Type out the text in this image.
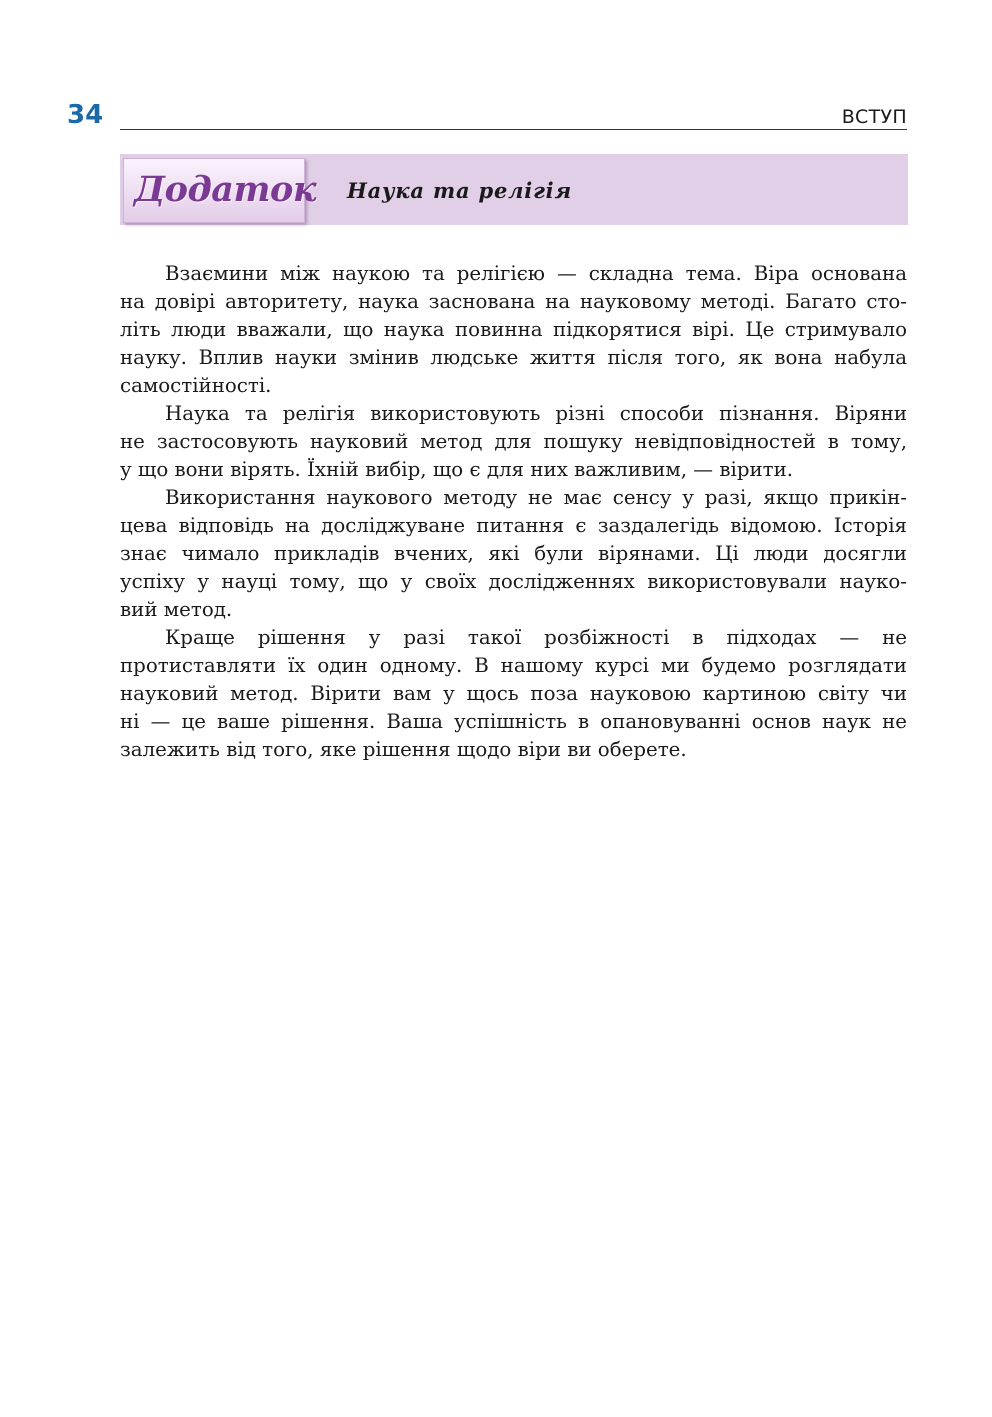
34	ВСТУП
Додаток Наука та релігія

Взаємини між наукою та релігією — складна тема. Віра основана
на довірі авторитету, наука заснована на науковому методі. Багато сто-
літь люди вважали, що наука повинна підкорятися вірі. Це стримувало
науку. Вплив науки змінив людське життя після того, як вона набула
самостійності.

Наука та релігія використовують різні способи пізнання. Віряни
не застосовують науковий метод для пошуку невідповідностей в тому,
у що вони вірять. Їхній вибір, що є для них важливим, — вірити.

Використання наукового методу не має сенсу у разі, якщо прикін-
цева відповідь на досліджуване питання є заздалегідь відомою. Історія
знає чимало прикладів вчених, які були вірянами. Ці люди досягли
успіху у науці тому, що у своїх дослідженнях використовували науко-
вий метод.

Краще рішення у разі такої розбіжності в підходах — не
протиставляти їх один одному. В нашому курсі ми будемо розглядати
науковий метод. Вірити вам у щось поза науковою картиною світу чи
ні — це ваше рішення. Ваша успішність в опановуванні основ наук не
залежить від того, яке рішення щодо віри ви оберете.
